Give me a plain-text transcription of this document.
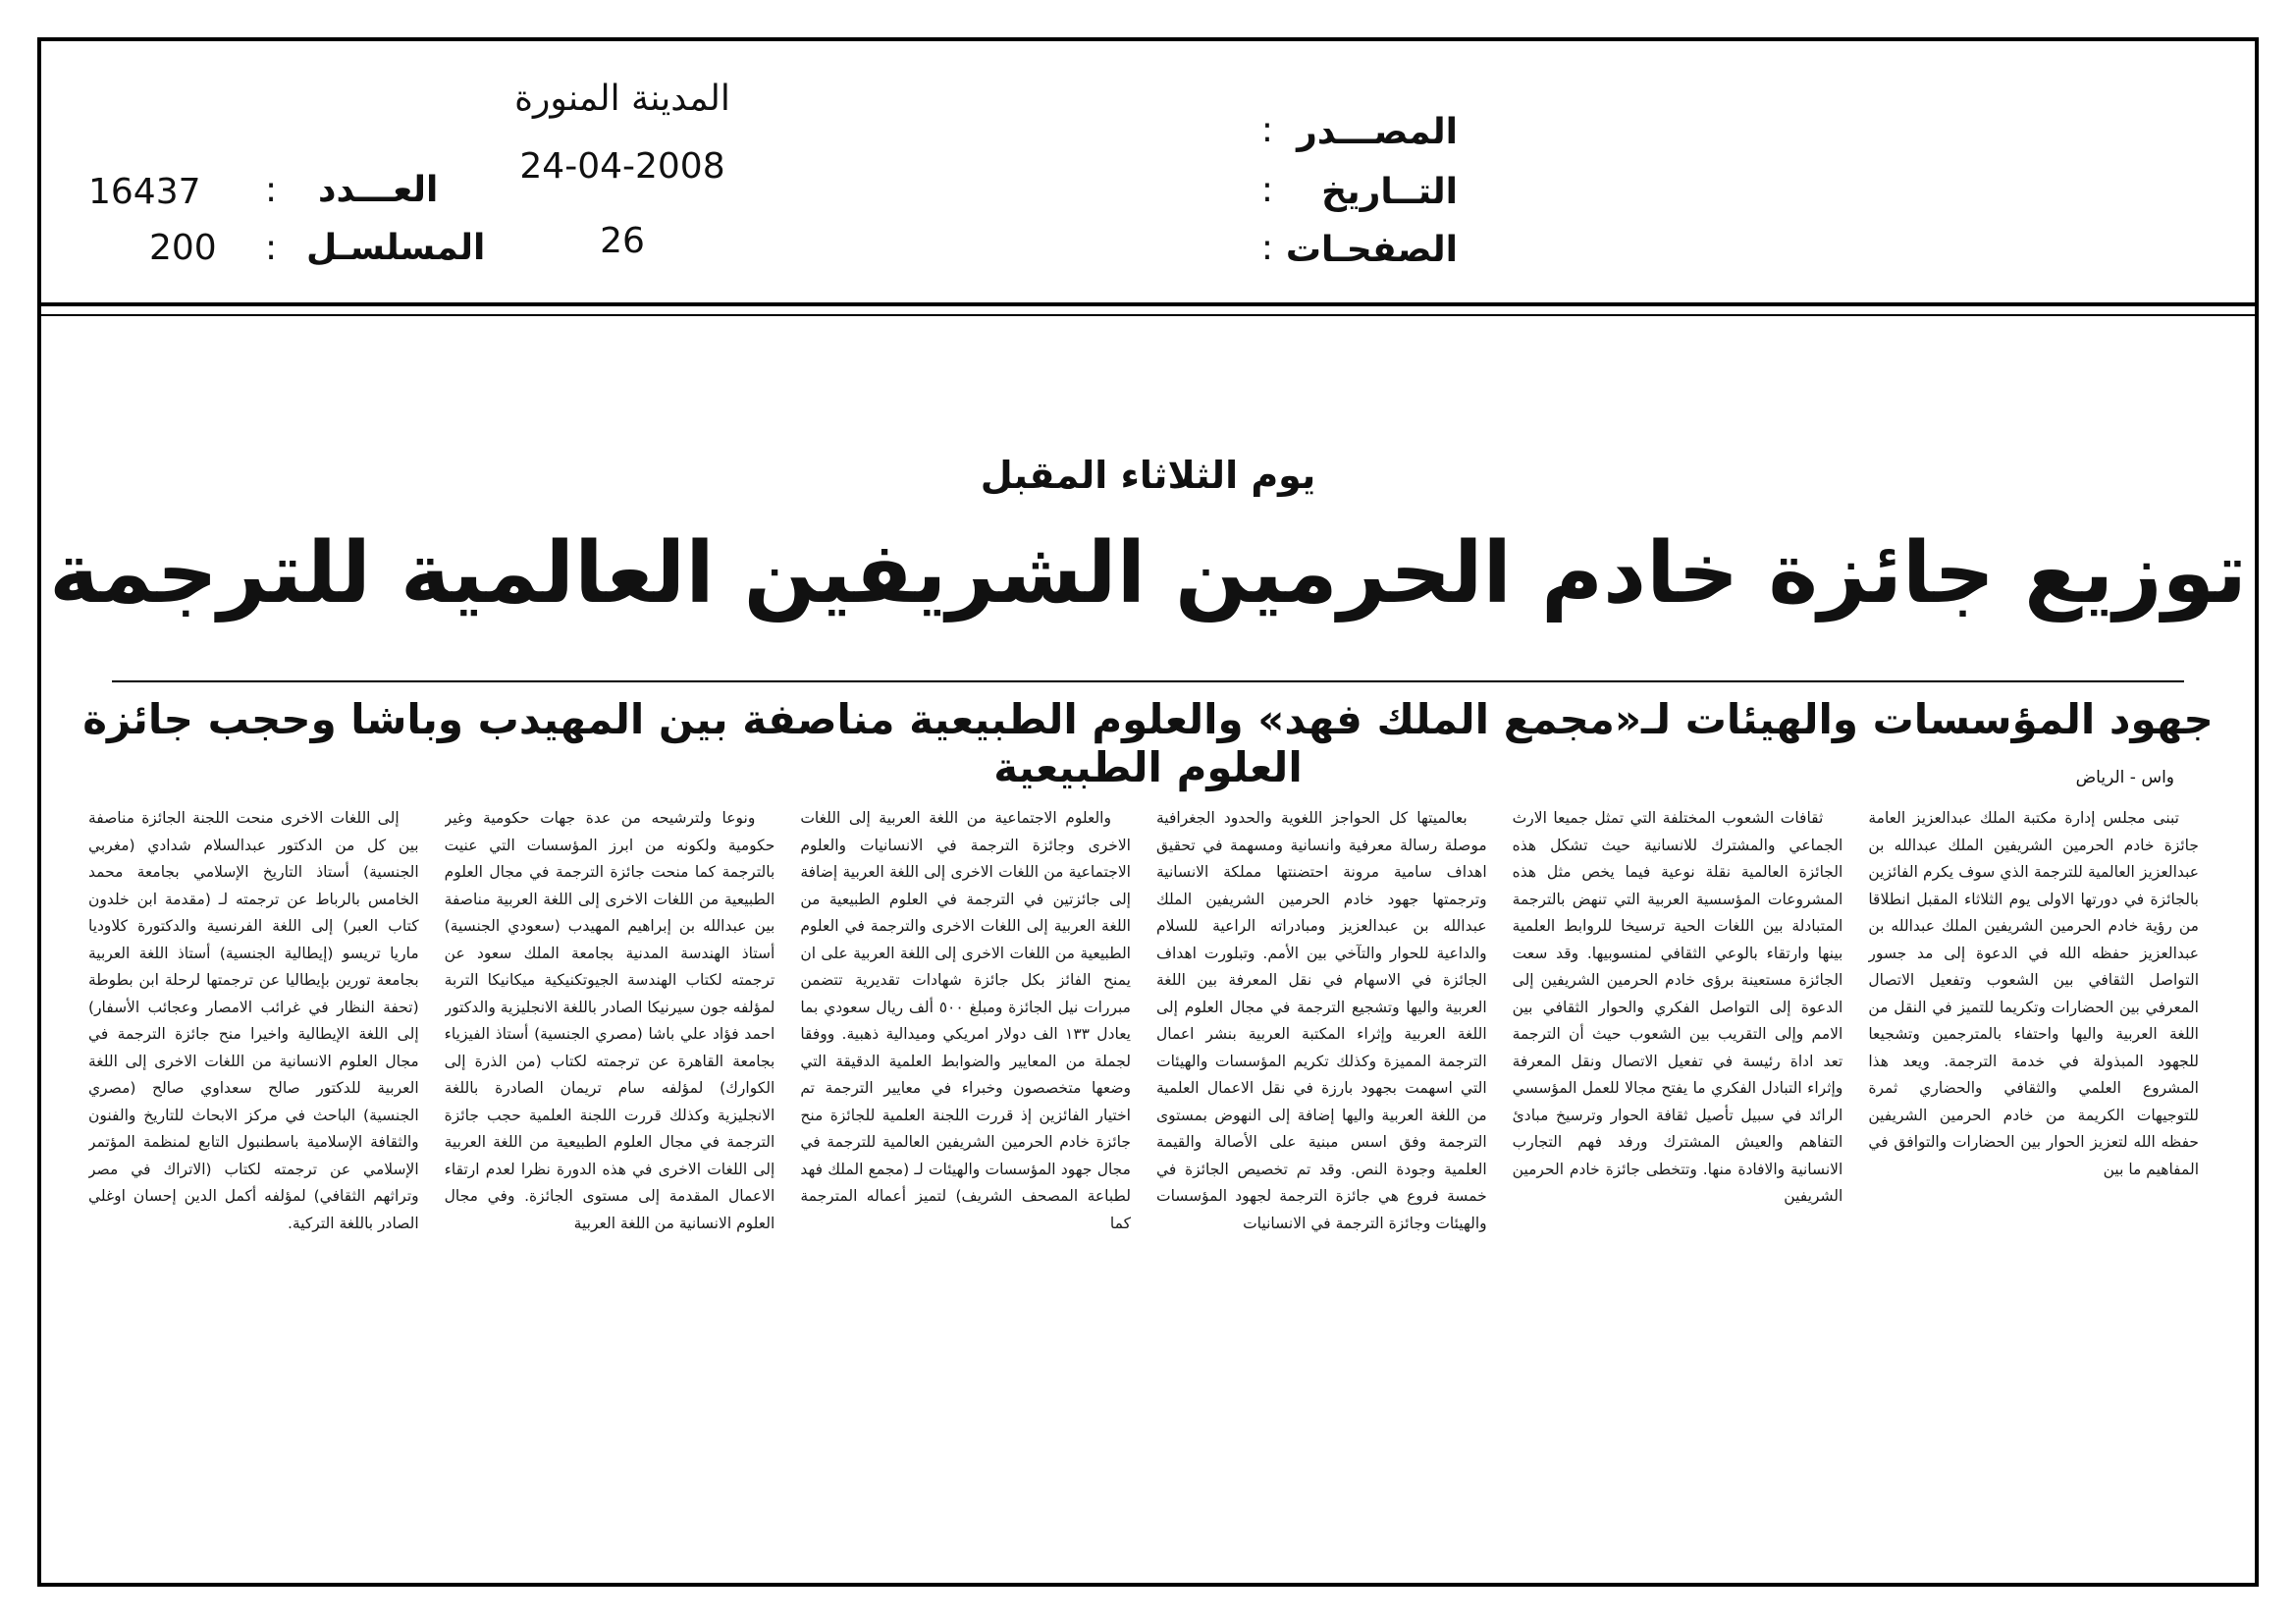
المصـــدر
:
المدينة المنورة
التــاريخ
:
24-04-2008
الصفحـات
:
26
العـــدد
:
16437
المسلسـل
:
200
يوم الثلاثاء المقبل
توزيع جائزة خادم الحرمين الشريفين العالمية للترجمة
جهود المؤسسات والهيئات لـ«مجمع الملك فهد» والعلوم الطبيعية مناصفة بين المهيدب وباشا وحجب جائزة العلوم الطبيعية	واس - الرياض

تبنى مجلس إدارة مكتبة الملك عبدالعزيز العامة جائزة خادم الحرمين الشريفين الملك عبدالله بن عبدالعزيز العالمية للترجمة الذي سوف يكرم الفائزين بالجائزة في دورتها الاولى يوم الثلاثاء المقبل انطلاقا من رؤية خادم الحرمين الشريفين الملك عبدالله بن عبدالعزيز حفظه الله في الدعوة إلى مد جسور التواصل الثقافي بين الشعوب وتفعيل الاتصال المعرفي بين الحضارات وتكريما للتميز في النقل من اللغة العربية واليها واحتفاء بالمترجمين وتشجيعا للجهود المبذولة في خدمة الترجمة. ويعد هذا المشروع العلمي والثقافي والحضاري ثمرة للتوجيهات الكريمة من خادم الحرمين الشريفين حفظه الله لتعزيز الحوار بين الحضارات والتوافق في المفاهيم ما بين

ثقافات الشعوب المختلفة التي تمثل جميعا الارث الجماعي والمشترك للانسانية حيث تشكل هذه الجائزة العالمية نقلة نوعية فيما يخص مثل هذه المشروعات المؤسسية العربية التي تنهض بالترجمة المتبادلة بين اللغات الحية ترسيخا للروابط العلمية بينها وارتقاء بالوعي الثقافي لمنسوبيها. وقد سعت الجائزة مستعينة برؤى خادم الحرمين الشريفين إلى الدعوة إلى التواصل الفكري والحوار الثقافي بين الامم وإلى التقريب بين الشعوب حيث أن الترجمة تعد اداة رئيسة في تفعيل الاتصال ونقل المعرفة وإثراء التبادل الفكري ما يفتح مجالا للعمل المؤسسي الرائد في سبيل تأصيل ثقافة الحوار وترسيخ مبادئ التفاهم والعيش المشترك ورفد فهم التجارب الانسانية والافادة منها. وتتخطى جائزة خادم الحرمين الشريفين

بعالميتها كل الحواجز اللغوية والحدود الجغرافية موصلة رسالة معرفية وانسانية ومسهمة في تحقيق اهداف سامية مرونة احتضنتها مملكة الانسانية وترجمتها جهود خادم الحرمين الشريفين الملك عبدالله بن عبدالعزيز ومبادراته الراعية للسلام والداعية للحوار والتآخي بين الأمم. وتبلورت اهداف الجائزة في الاسهام في نقل المعرفة بين اللغة العربية واليها وتشجيع الترجمة في مجال العلوم إلى اللغة العربية وإثراء المكتبة العربية بنشر اعمال الترجمة المميزة وكذلك تكريم المؤسسات والهيئات التي اسهمت بجهود بارزة في نقل الاعمال العلمية من اللغة العربية واليها إضافة إلى النهوض بمستوى الترجمة وفق اسس مبنية على الأصالة والقيمة العلمية وجودة النص. وقد تم تخصيص الجائزة في خمسة فروع هي جائزة الترجمة لجهود المؤسسات والهيئات وجائزة الترجمة في الانسانيات

والعلوم الاجتماعية من اللغة العربية إلى اللغات الاخرى وجائزة الترجمة في الانسانيات والعلوم الاجتماعية من اللغات الاخرى إلى اللغة العربية إضافة إلى جائزتين في الترجمة في العلوم الطبيعية من اللغة العربية إلى اللغات الاخرى والترجمة في العلوم الطبيعية من اللغات الاخرى إلى اللغة العربية على ان يمنح الفائز بكل جائزة شهادات تقديرية تتضمن مبررات نيل الجائزة ومبلغ ٥٠٠ ألف ريال سعودي بما يعادل ١٣٣ الف دولار امريكي وميدالية ذهبية. ووفقا لجملة من المعايير والضوابط العلمية الدقيقة التي وضعها متخصصون وخبراء في معايير الترجمة تم اختيار الفائزين إذ قررت اللجنة العلمية للجائزة منح جائزة خادم الحرمين الشريفين العالمية للترجمة في مجال جهود المؤسسات والهيئات لـ (مجمع الملك فهد لطباعة المصحف الشريف) لتميز أعماله المترجمة كما

ونوعا ولترشيحه من عدة جهات حكومية وغير حكومية ولكونه من ابرز المؤسسات التي عنيت بالترجمة كما منحت جائزة الترجمة في مجال العلوم الطبيعية من اللغات الاخرى إلى اللغة العربية مناصفة بين عبدالله بن إبراهيم المهيدب (سعودي الجنسية) أستاذ الهندسة المدنية بجامعة الملك سعود عن ترجمته لكتاب الهندسة الجيوتكنيكية ميكانيكا التربة لمؤلفه جون سيرنيكا الصادر باللغة الانجليزية والدكتور احمد فؤاد علي باشا (مصري الجنسية) أستاذ الفيزياء بجامعة القاهرة عن ترجمته لكتاب (من الذرة إلى الكوارك) لمؤلفه سام تريمان الصادرة باللغة الانجليزية وكذلك قررت اللجنة العلمية حجب جائزة الترجمة في مجال العلوم الطبيعية من اللغة العربية إلى اللغات الاخرى في هذه الدورة نظرا لعدم ارتقاء الاعمال المقدمة إلى مستوى الجائزة. وفي مجال العلوم الانسانية من اللغة العربية

إلى اللغات الاخرى منحت اللجنة الجائزة مناصفة بين كل من الدكتور عبدالسلام شدادي (مغربي الجنسية) أستاذ التاريخ الإسلامي بجامعة محمد الخامس بالرباط عن ترجمته لـ (مقدمة ابن خلدون كتاب العبر) إلى اللغة الفرنسية والدكتورة كلاوديا ماريا تريسو (إيطالية الجنسية) أستاذ اللغة العربية بجامعة تورين بإيطاليا عن ترجمتها لرحلة ابن بطوطة (تحفة النظار في غرائب الامصار وعجائب الأسفار) إلى اللغة الإيطالية واخيرا منح جائزة الترجمة في مجال العلوم الانسانية من اللغات الاخرى إلى اللغة العربية للدكتور صالح سعداوي صالح (مصري الجنسية) الباحث في مركز الابحاث للتاريخ والفنون والثقافة الإسلامية باسطنبول التابع لمنظمة المؤتمر الإسلامي عن ترجمته لكتاب (الاتراك في مصر وتراثهم الثقافي) لمؤلفه أكمل الدين إحسان اوغلي الصادر باللغة التركية.
